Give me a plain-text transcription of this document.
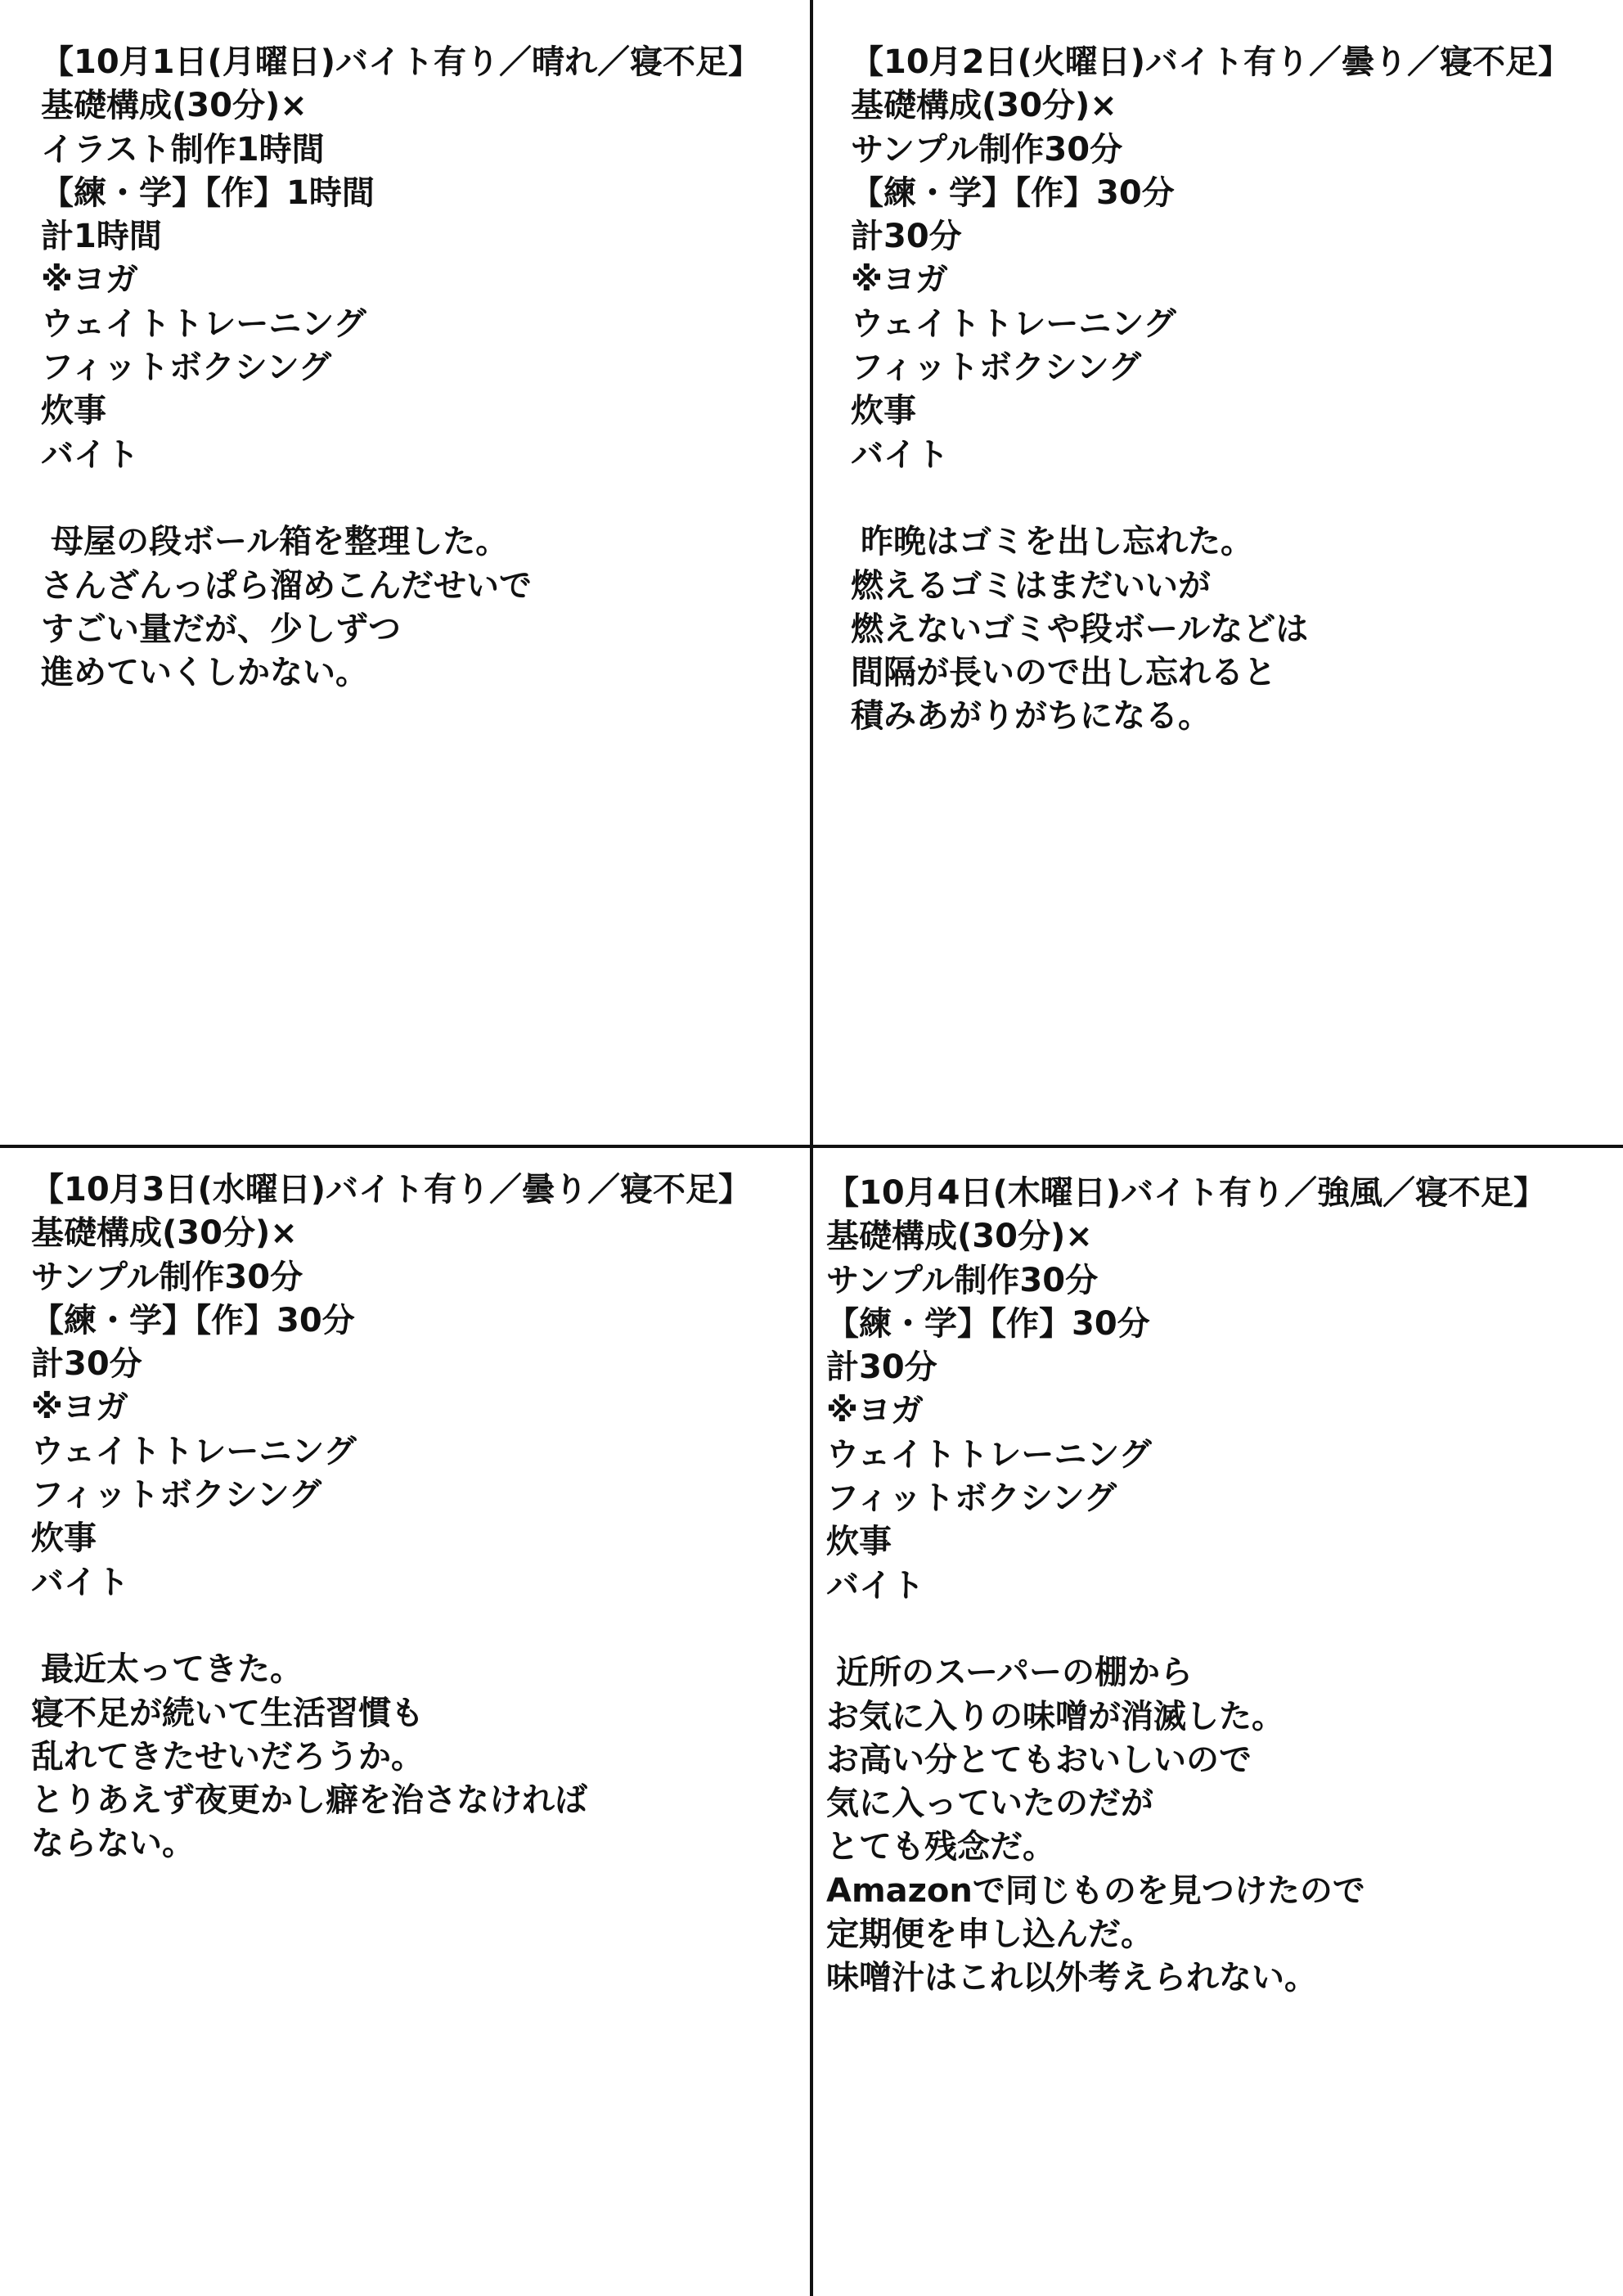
【10月1日(月曜日)バイト有り／晴れ／寝不足】
基礎構成(30分)×
イラスト制作1時間
【練・学】【作】1時間
計1時間
※ヨガ
ウェイトトレーニング
フィットボクシング
炊事
バイト
母屋の段ボール箱を整理した。
さんざんっぱら溜めこんだせいで
すごい量だが、少しずつ
進めていくしかない。
【10月2日(火曜日)バイト有り／曇り／寝不足】
基礎構成(30分)×
サンプル制作30分
【練・学】【作】30分
計30分
※ヨガ
ウェイトトレーニング
フィットボクシング
炊事
バイト
昨晩はゴミを出し忘れた。
燃えるゴミはまだいいが
燃えないゴミや段ボールなどは
間隔が長いので出し忘れると
積みあがりがちになる。
【10月3日(水曜日)バイト有り／曇り／寝不足】
基礎構成(30分)×
サンプル制作30分
【練・学】【作】30分
計30分
※ヨガ
ウェイトトレーニング
フィットボクシング
炊事
バイト
最近太ってきた。
寝不足が続いて生活習慣も
乱れてきたせいだろうか。
とりあえず夜更かし癖を治さなければ
ならない。
【10月4日(木曜日)バイト有り／強風／寝不足】
基礎構成(30分)×
サンプル制作30分
【練・学】【作】30分
計30分
※ヨガ
ウェイトトレーニング
フィットボクシング
炊事
バイト
近所のスーパーの棚から
お気に入りの味噌が消滅した。
お高い分とてもおいしいので
気に入っていたのだが
とても残念だ。
Amazonで同じものを見つけたので
定期便を申し込んだ。
味噌汁はこれ以外考えられない。
